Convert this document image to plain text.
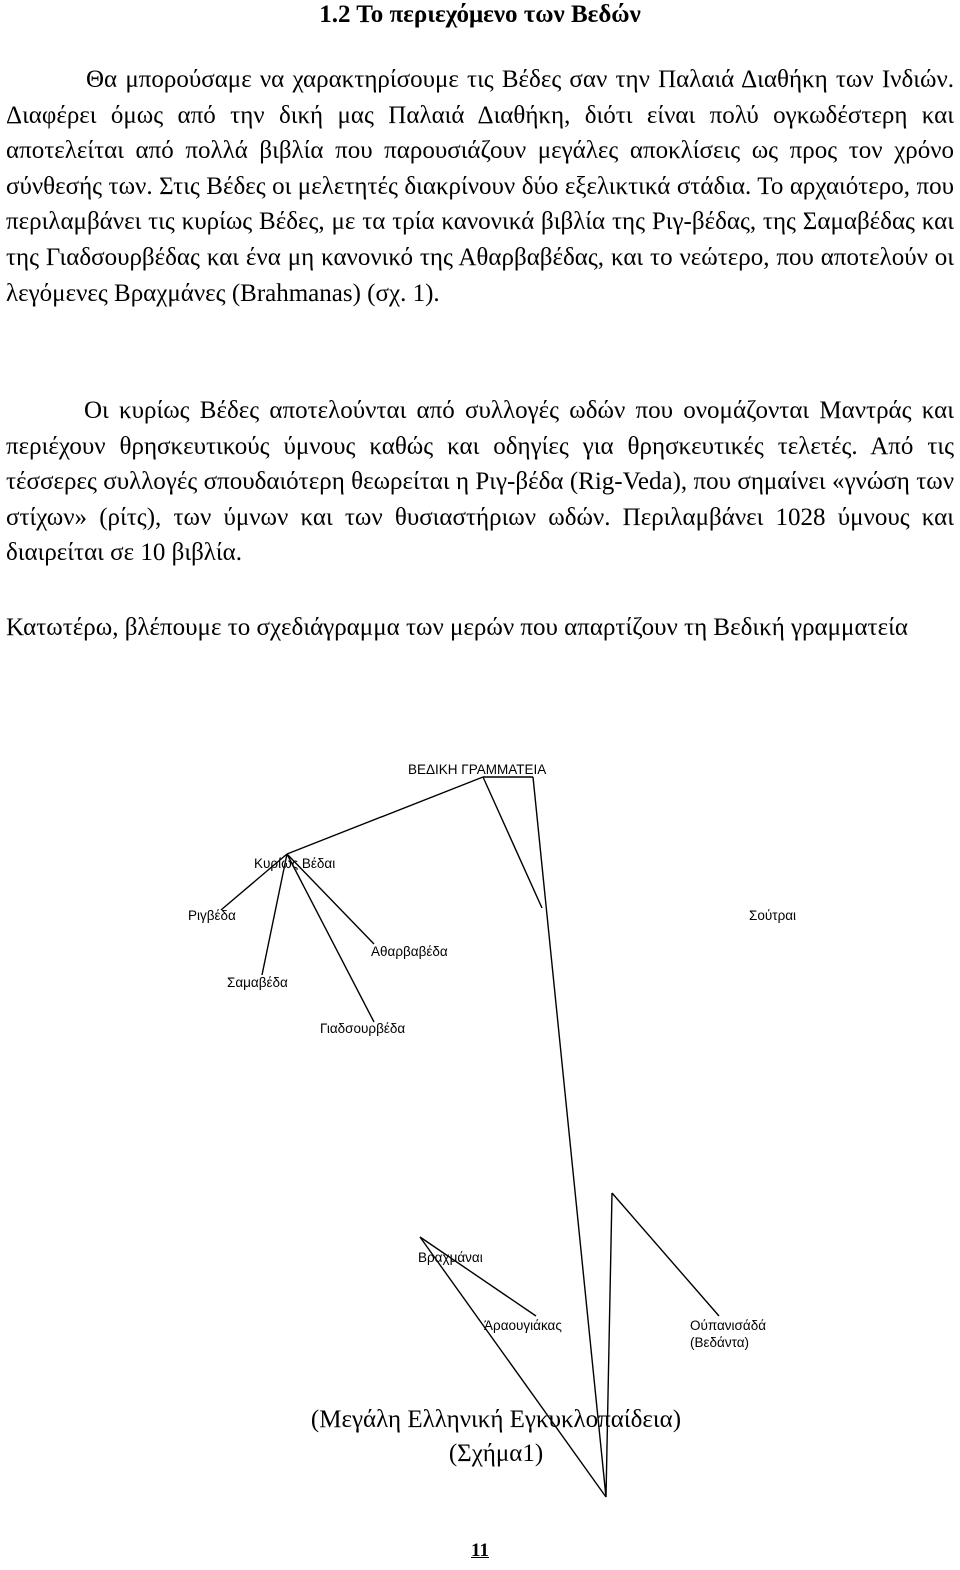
1.2 Το περιεχόμενο των Βεδών

Θα μπορούσαμε να χαρακτηρίσουμε τις Βέδες σαν την Παλαιά Διαθήκη των Ινδιών. Διαφέρει όμως από την δική μας Παλαιά Διαθήκη, διότι είναι πολύ ογκωδέστερη και αποτελείται από πολλά βιβλία που παρουσιάζουν μεγάλες αποκλίσεις ως προς τον χρόνο σύνθεσής των. Στις Βέδες οι μελετητές διακρίνουν δύο εξελικτικά στάδια. Το αρχαιότερο, που περιλαμβάνει τις κυρίως Βέδες, με τα τρία κανονικά βιβλία της Ριγ-βέδας, της Σαμαβέδας και της Γιαδσουρβέδας και ένα μη κανονικό της Αθαρβαβέδας, και το νεώτερο, που αποτελούν οι λεγόμενες Βραχμάνες (Brahmanas) (σχ. 1).

Οι κυρίως Βέδες αποτελούνται από συλλογές ωδών που ονομάζονται Μαντράς και περιέχουν θρησκευτικούς ύμνους καθώς και οδηγίες για θρησκευτικές τελετές. Από τις τέσσερες συλλογές σπουδαιότερη θεωρείται η Ριγ-βέδα (Rig-Veda), που σημαίνει «γνώση των στίχων» (ρίτς), των ύμνων και των θυσιαστήριων ωδών. Περιλαμβάνει 1028 ύμνους και διαιρείται σε 10 βιβλία.

Κατωτέρω, βλέπουμε το σχεδιάγραμμα των μερών που απαρτίζουν τη Βεδική γραμματεία

ΒΕΔΙΚΗ ΓΡΑΜΜΑΤΕΙΑ
Κυρίως Βέδαι
Ριγβέδα
Αθαρβαβέδα
Σαμαβέδα
Γιαδσουρβέδα
Σούτραι
Βραχμάναι
Άραουγιάκας	Ούπανισάδά
(Βεδάντα)
(Μεγάλη Ελληνική Εγκυκλοπαίδεια)
(Σχήμα1)
11
